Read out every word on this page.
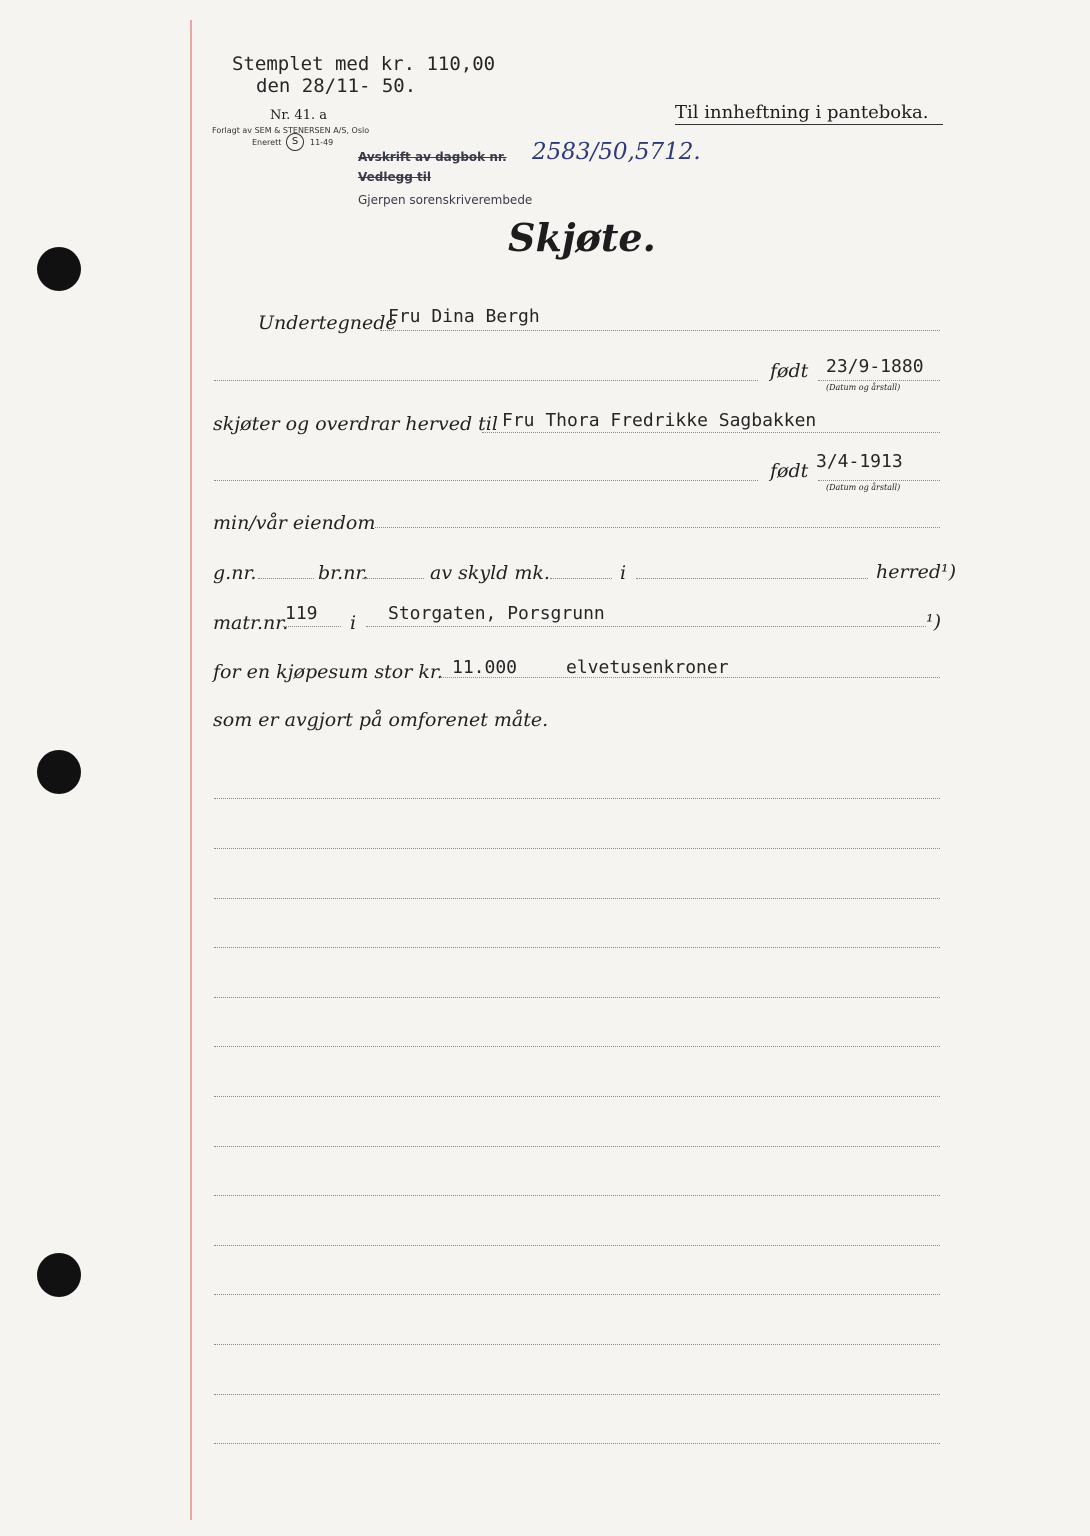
Stemplet med kr. 110,00
den 28/11- 50.
Nr. 41. a
Forlagt av SEM & STENERSEN A/S, Oslo
Enerett	S	11-49
Til innheftning i panteboka.
Avskrift av dagbok nr. 2583/50,5712.
Vedlegg til
Gjerpen sorenskriverembede
Skjøte.
Undertegnede
Fru Dina Bergh
født 23/9-1880
(Datum og årstall)
skjøter og overdrar herved til Fru Thora Fredrikke Sagbakken
født 3/4-1913
(Datum og årstall)
min/vår eiendom
g.nr.	br.nr.	av skyld mk.	i	herred¹)
matr.nr.
119 i Storgaten, Porsgrunn	¹)
for en kjøpesum stor kr. 11.000	elvetusenkroner
som er avgjort på omforenet måte.
